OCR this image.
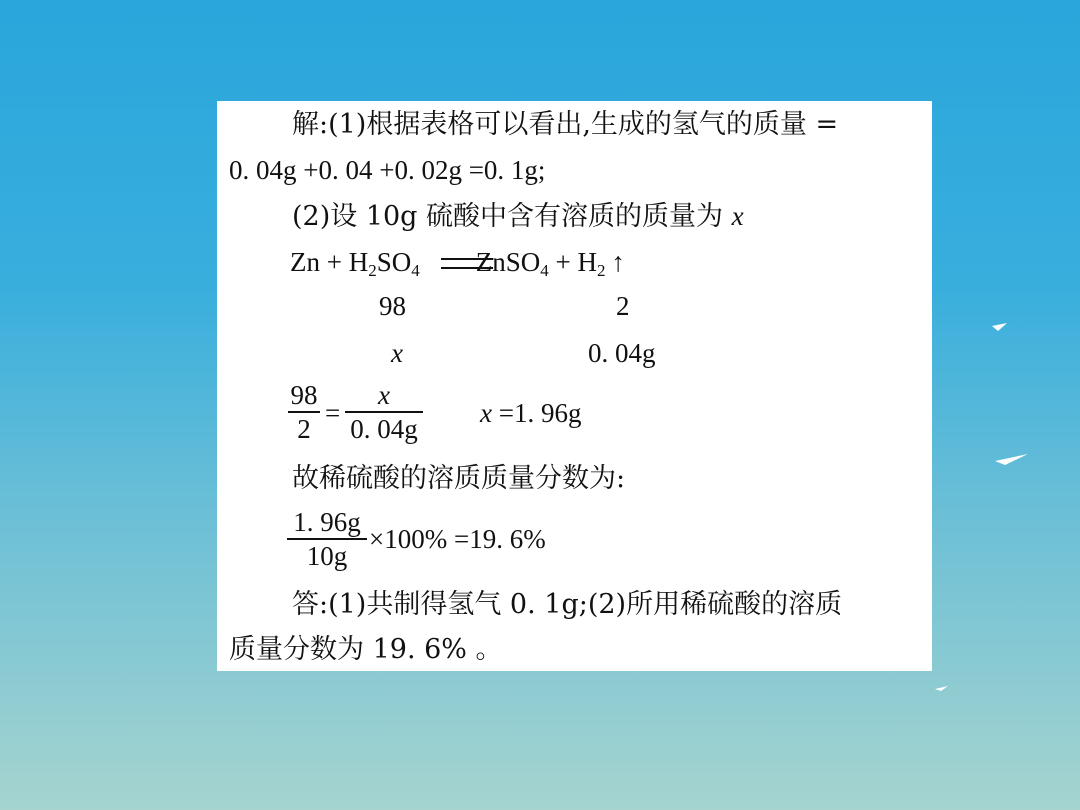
解:(1)根据表格可以看出,生成的氢气的质量 =
0. 04g +0. 04 +0. 02g =0. 1g;
(2)设 10g 硫酸中含有溶质的质量为 x
$Zn + H_2SO_4$ ZnSO$_4$ + $H_2$ ↑
98	2
x	0. 04g
98
2
=
x
0. 04g
x =1. 96g
故稀硫酸的溶质质量分数为:
1. 96g
10g
×100% =19. 6%
答:(1)共制得氢气 0. 1g;(2)所用稀硫酸的溶质
质量分数为 19. 6% 。
